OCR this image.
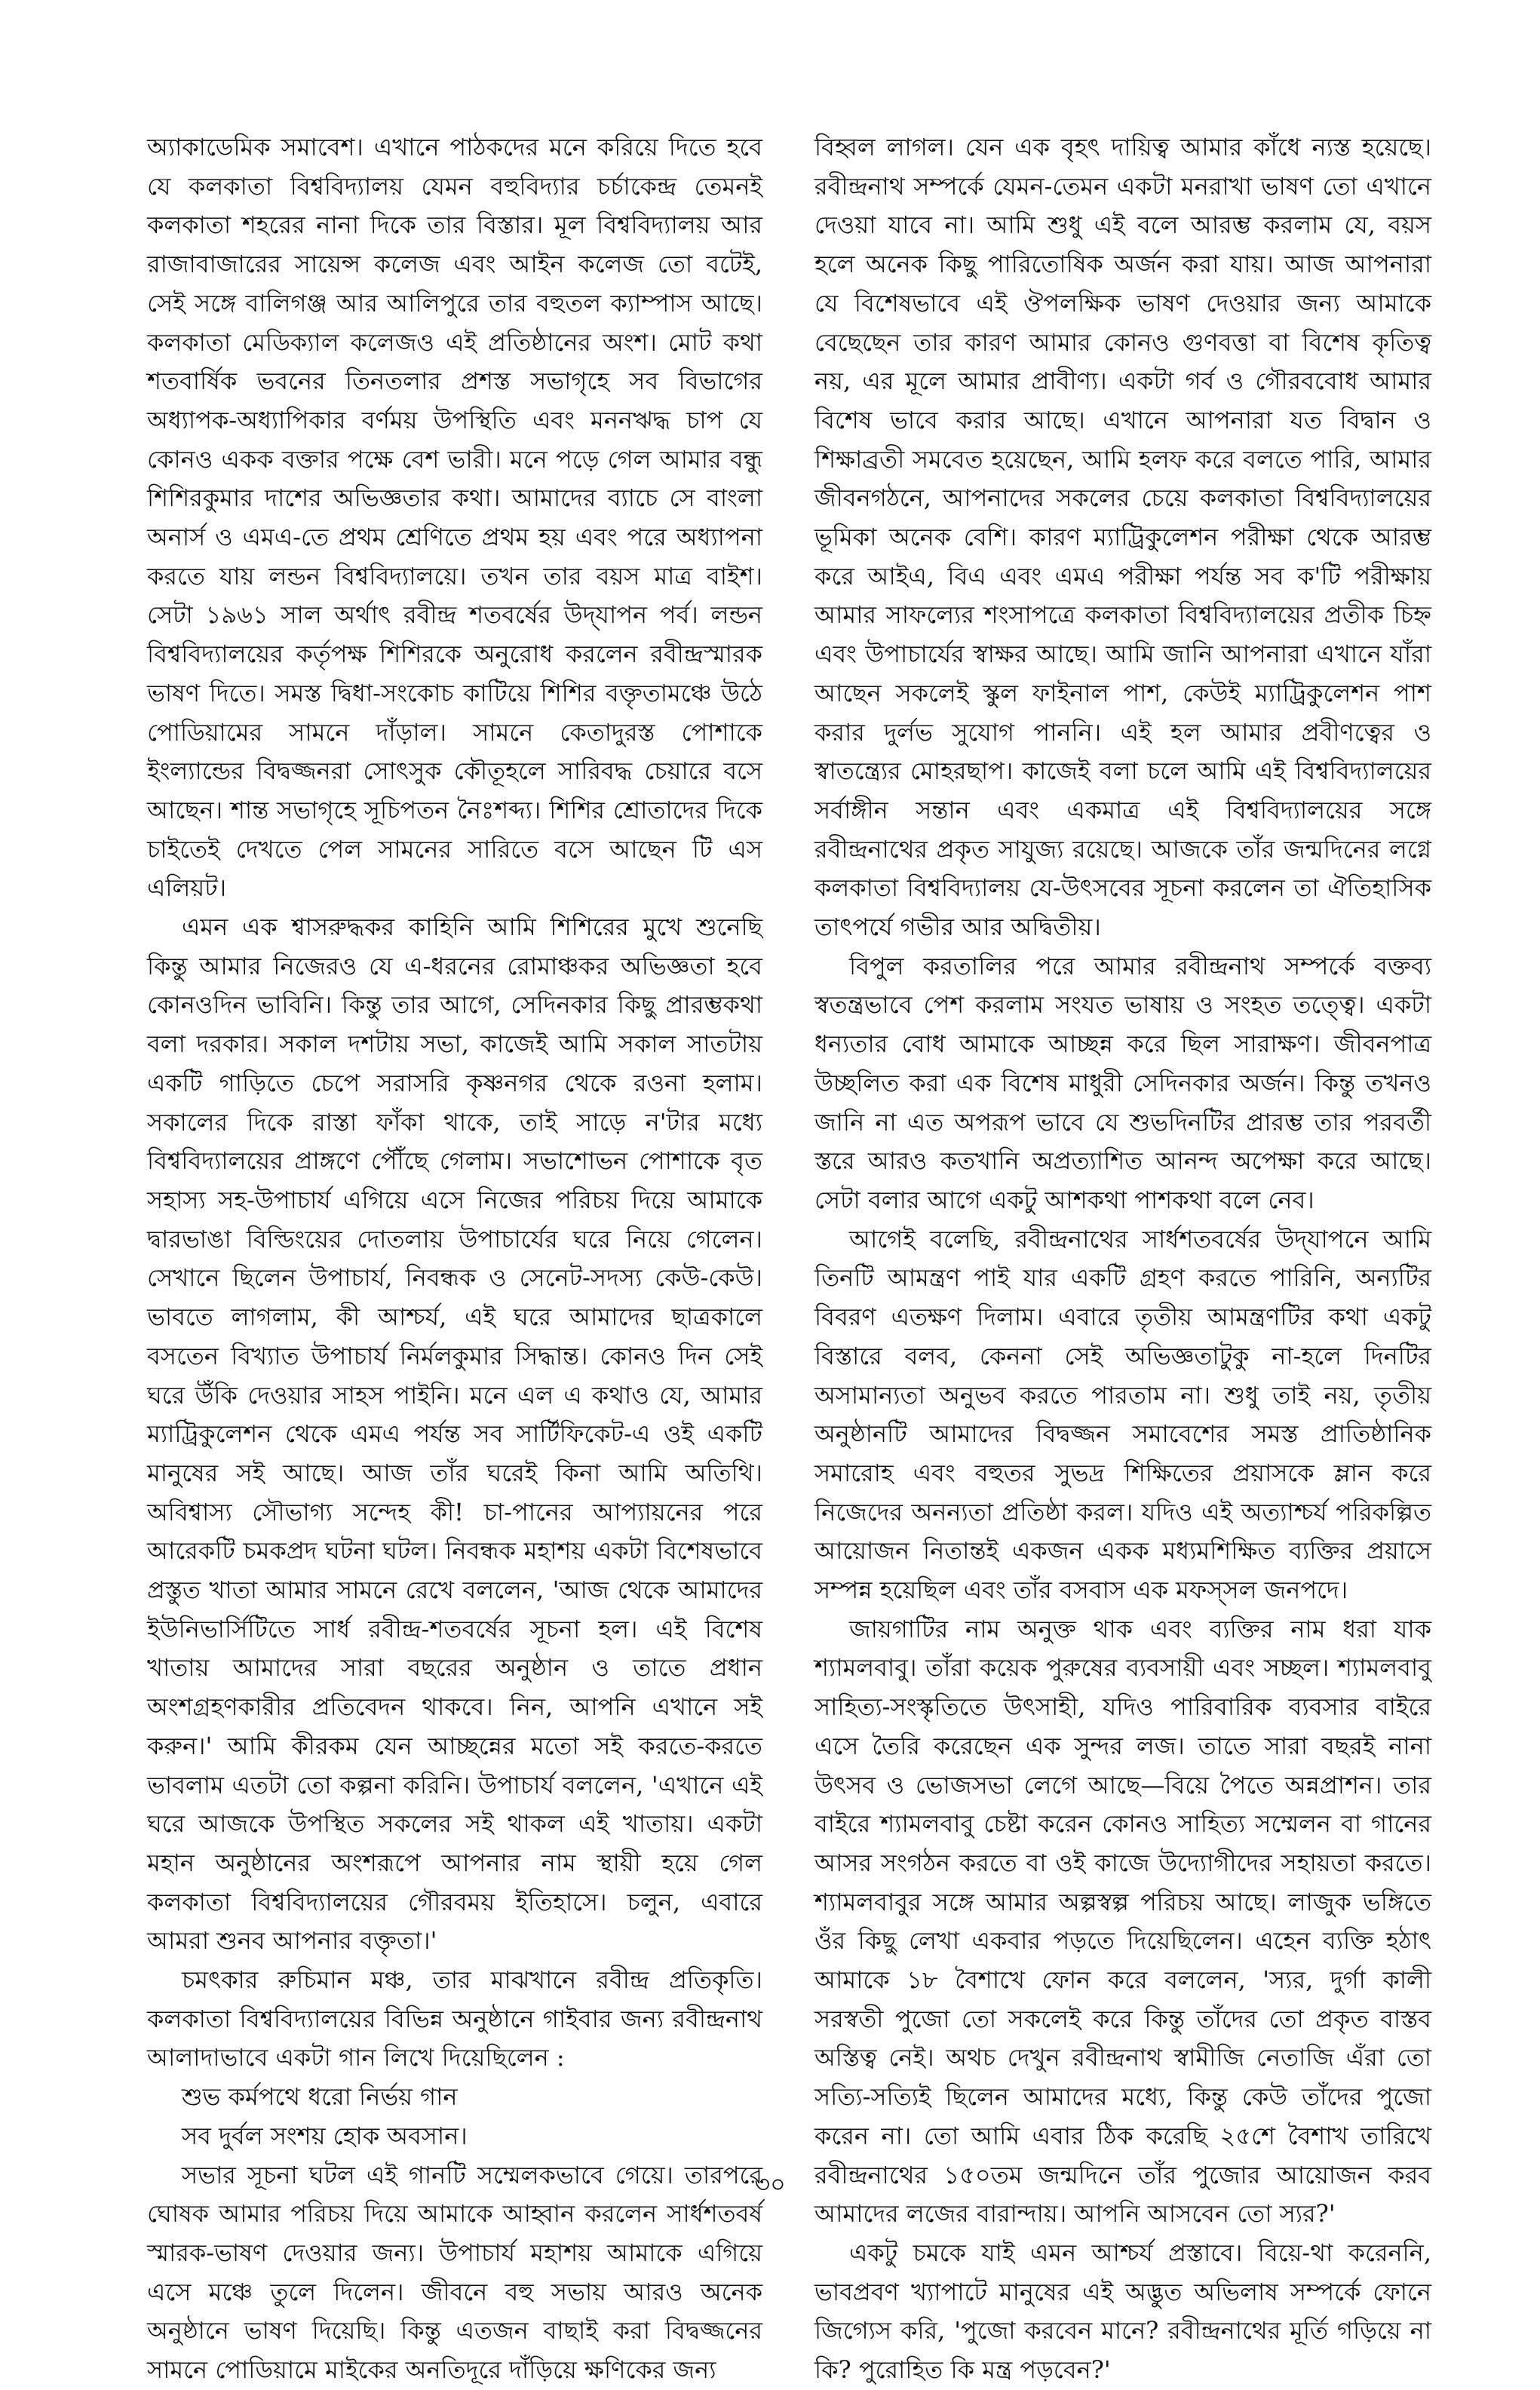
অ্যাকাডেমিক সমাবেশ। এখানে পাঠকদের মনে করিয়ে দিতে হবে যে কলকাতা বিশ্ববিদ্যালয় যেমন বহুবিদ্যার চর্চাকেন্দ্র তেমনই কলকাতা শহরের নানা দিকে তার বিস্তার। মূল বিশ্ববিদ্যালয় আর রাজাবাজারের সায়েন্স কলেজ এবং আইন কলেজ তো বটেই, সেই সঙ্গে বালিগঞ্জ আর আলিপুরে তার বহুতল ক্যাম্পাস আছে। কলকাতা মেডিক্যাল কলেজও এই প্রতিষ্ঠানের অংশ। মোট কথা শতবার্ষিক ভবনের তিনতলার প্রশস্ত সভাগৃহে সব বিভাগের অধ্যাপক-অধ্যাপিকার বর্ণময় উপস্থিতি এবং মননঋদ্ধ চাপ যে কোনও একক বক্তার পক্ষে বেশ ভারী। মনে পড়ে গেল আমার বন্ধু শিশিরকুমার দাশের অভিজ্ঞতার কথা। আমাদের ব্যাচে সে বাংলা অনার্স ও এমএ-তে প্রথম শ্রেণিতে প্রথম হয় এবং পরে অধ্যাপনা করতে যায় লন্ডন বিশ্ববিদ্যালয়ে। তখন তার বয়স মাত্র বাইশ। সেটা ১৯৬১ সাল অর্থাৎ রবীন্দ্র শতবর্ষের উদ্‌যাপন পর্ব। লন্ডন বিশ্ববিদ্যালয়ের কর্তৃপক্ষ শিশিরকে অনুরোধ করলেন রবীন্দ্রস্মারক ভাষণ দিতে। সমস্ত দ্বিধা-সংকোচ কাটিয়ে শিশির বক্তৃতামঞ্চে উঠে পোডিয়ামের সামনে দাঁড়াল। সামনে কেতাদুরস্ত পোশাকে ইংল্যান্ডের বিদ্বজ্জনরা সোৎসুক কৌতূহলে সারিবদ্ধ চেয়ারে বসে আছেন। শান্ত সভাগৃহে সূচিপতন নৈঃশব্দ্য। শিশির শ্রোতাদের দিকে চাইতেই দেখতে পেল সামনের সারিতে বসে আছেন টি এস এলিয়ট।

এমন এক শ্বাসরুদ্ধকর কাহিনি আমি শিশিরের মুখে শুনেছি কিন্তু আমার নিজেরও যে এ-ধরনের রোমাঞ্চকর অভিজ্ঞতা হবে কোনওদিন ভাবিনি। কিন্তু তার আগে, সেদিনকার কিছু প্রারম্ভকথা বলা দরকার। সকাল দশটায় সভা, কাজেই আমি সকাল সাতটায় একটি গাড়িতে চেপে সরাসরি কৃষ্ণনগর থেকে রওনা হলাম। সকালের দিকে রাস্তা ফাঁকা থাকে, তাই সাড়ে ন'টার মধ্যে বিশ্ববিদ্যালয়ের প্রাঙ্গণে পৌঁছে গেলাম। সভাশোভন পোশাকে বৃত সহাস্য সহ-উপাচার্য এগিয়ে এসে নিজের পরিচয় দিয়ে আমাকে দ্বারভাঙা বিল্ডিংয়ের দোতলায় উপাচার্যের ঘরে নিয়ে গেলেন। সেখানে ছিলেন উপাচার্য, নিবন্ধক ও সেনেট-সদস্য কেউ-কেউ। ভাবতে লাগলাম, কী আশ্চর্য, এই ঘরে আমাদের ছাত্রকালে বসতেন বিখ্যাত উপাচার্য নির্মলকুমার সিদ্ধান্ত। কোনও দিন সেই ঘরে উঁকি দেওয়ার সাহস পাইনি। মনে এল এ কথাও যে, আমার ম্যাট্রিকুলেশন থেকে এমএ পর্যন্ত সব সার্টিফিকেট-এ ওই একটি মানুষের সই আছে। আজ তাঁর ঘরেই কিনা আমি অতিথি। অবিশ্বাস্য সৌভাগ্য সন্দেহ কী! চা-পানের আপ্যায়নের পরে আরেকটি চমকপ্রদ ঘটনা ঘটল। নিবন্ধক মহাশয় একটা বিশেষভাবে প্রস্তুত খাতা আমার সামনে রেখে বললেন, 'আজ থেকে আমাদের ইউনিভার্সিটিতে সার্ধ রবীন্দ্র-শতবর্ষের সূচনা হল। এই বিশেষ খাতায় আমাদের সারা বছরের অনুষ্ঠান ও তাতে প্রধান অংশগ্রহণকারীর প্রতিবেদন থাকবে। নিন, আপনি এখানে সই করুন।' আমি কীরকম যেন আচ্ছন্নের মতো সই করতে-করতে ভাবলাম এতটা তো কল্পনা করিনি। উপাচার্য বললেন, 'এখানে এই ঘরে আজকে উপস্থিত সকলের সই থাকল এই খাতায়। একটা মহান অনুষ্ঠানের অংশরূপে আপনার নাম স্থায়ী হয়ে গেল কলকাতা বিশ্ববিদ্যালয়ের গৌরবময় ইতিহাসে। চলুন, এবারে আমরা শুনব আপনার বক্তৃতা।'

চমৎকার রুচিমান মঞ্চ, তার মাঝখানে রবীন্দ্র প্রতিকৃতি। কলকাতা বিশ্ববিদ্যালয়ের বিভিন্ন অনুষ্ঠানে গাইবার জন্য রবীন্দ্রনাথ আলাদাভাবে একটা গান লিখে দিয়েছিলেন :

শুভ কর্মপথে ধরো নির্ভয় গান

সব দুর্বল সংশয় হোক অবসান।

সভার সূচনা ঘটল এই গানটি সম্মেলকভাবে গেয়ে। তারপরে ঘোষক আমার পরিচয় দিয়ে আমাকে আহ্বান করলেন সার্ধশতবর্ষ স্মারক-ভাষণ দেওয়ার জন্য। উপাচার্য মহাশয় আমাকে এগিয়ে এসে মঞ্চে তুলে দিলেন। জীবনে বহু সভায় আরও অনেক অনুষ্ঠানে ভাষণ দিয়েছি। কিন্তু এতজন বাছাই করা বিদ্বজ্জনের সামনে পোডিয়ামে মাইকের অনতিদূরে দাঁড়িয়ে ক্ষণিকের জন্য

বিহ্বল লাগল। যেন এক বৃহৎ দায়িত্ব আমার কাঁধে ন্যস্ত হয়েছে। রবীন্দ্রনাথ সম্পর্কে যেমন-তেমন একটা মনরাখা ভাষণ তো এখানে দেওয়া যাবে না। আমি শুধু এই বলে আরম্ভ করলাম যে, বয়স হলে অনেক কিছু পারিতোষিক অর্জন করা যায়। আজ আপনারা যে বিশেষভাবে এই ঔপলক্ষিক ভাষণ দেওয়ার জন্য আমাকে বেছেছেন তার কারণ আমার কোনও গুণবত্তা বা বিশেষ কৃতিত্ব নয়, এর মূলে আমার প্রাবীণ্য। একটা গর্ব ও গৌরববোধ আমার বিশেষ ভাবে করার আছে। এখানে আপনারা যত বিদ্বান ও শিক্ষাব্রতী সমবেত হয়েছেন, আমি হলফ করে বলতে পারি, আমার জীবনগঠনে, আপনাদের সকলের চেয়ে কলকাতা বিশ্ববিদ্যালয়ের ভূমিকা অনেক বেশি। কারণ ম্যাট্রিকুলেশন পরীক্ষা থেকে আরম্ভ করে আইএ, বিএ এবং এমএ পরীক্ষা পর্যন্ত সব ক'টি পরীক্ষায় আমার সাফল্যের শংসাপত্রে কলকাতা বিশ্ববিদ্যালয়ের প্রতীক চিহ্ন এবং উপাচার্যের স্বাক্ষর আছে। আমি জানি আপনারা এখানে যাঁরা আছেন সকলেই স্কুল ফাইনাল পাশ, কেউই ম্যাট্রিকুলেশন পাশ করার দুর্লভ সুযোগ পাননি। এই হল আমার প্রবীণত্বের ও স্বাতন্ত্র্যের মোহরছাপ। কাজেই বলা চলে আমি এই বিশ্ববিদ্যালয়ের সর্বাঙ্গীন সন্তান এবং একমাত্র এই বিশ্ববিদ্যালয়ের সঙ্গে রবীন্দ্রনাথের প্রকৃত সাযুজ্য রয়েছে। আজকে তাঁর জন্মদিনের লগ্নে কলকাতা বিশ্ববিদ্যালয় যে-উৎসবের সূচনা করলেন তা ঐতিহাসিক তাৎপর্যে গভীর আর অদ্বিতীয়।

বিপুল করতালির পরে আমার রবীন্দ্রনাথ সম্পর্কে বক্তব্য স্বতন্ত্রভাবে পেশ করলাম সংযত ভাষায় ও সংহত তত্ত্বে। একটা ধন্যতার বোধ আমাকে আচ্ছন্ন করে ছিল সারাক্ষণ। জীবনপাত্র উচ্ছলিত করা এক বিশেষ মাধুরী সেদিনকার অর্জন। কিন্তু তখনও জানি না এত অপরূপ ভাবে যে শুভদিনটির প্রারম্ভ তার পরবর্তী স্তরে আরও কতখানি অপ্রত্যাশিত আনন্দ অপেক্ষা করে আছে। সেটা বলার আগে একটু আশকথা পাশকথা বলে নেব।

আগেই বলেছি, রবীন্দ্রনাথের সার্ধশতবর্ষের উদ্‌যাপনে আমি তিনটি আমন্ত্রণ পাই যার একটি গ্রহণ করতে পারিনি, অন্যটির বিবরণ এতক্ষণ দিলাম। এবারে তৃতীয় আমন্ত্রণটির কথা একটু বিস্তারে বলব, কেননা সেই অভিজ্ঞতাটুকু না-হলে দিনটির অসামান্যতা অনুভব করতে পারতাম না। শুধু তাই নয়, তৃতীয় অনুষ্ঠানটি আমাদের বিদ্বজ্জন সমাবেশের সমস্ত প্রাতিষ্ঠানিক সমারোহ এবং বহুতর সুভদ্র শিক্ষিতের প্রয়াসকে ম্লান করে নিজেদের অনন্যতা প্রতিষ্ঠা করল। যদিও এই অত্যাশ্চর্য পরিকল্পিত আয়োজন নিতান্তই একজন একক মধ্যমশিক্ষিত ব্যক্তির প্রয়াসে সম্পন্ন হয়েছিল এবং তাঁর বসবাস এক মফস্সল জনপদে।

জায়গাটির নাম অনুক্ত থাক এবং ব্যক্তির নাম ধরা যাক শ্যামলবাবু। তাঁরা কয়েক পুরুষের ব্যবসায়ী এবং সচ্ছল। শ্যামলবাবু সাহিত্য-সংস্কৃতিতে উৎসাহী, যদিও পারিবারিক ব্যবসার বাইরে এসে তৈরি করেছেন এক সুন্দর লজ। তাতে সারা বছরই নানা উৎসব ও ভোজসভা লেগে আছে—বিয়ে পৈতে অন্নপ্রাশন। তার বাইরে শ্যামলবাবু চেষ্টা করেন কোনও সাহিত্য সম্মেলন বা গানের আসর সংগঠন করতে বা ওই কাজে উদ্যোগীদের সহায়তা করতে। শ্যামলবাবুর সঙ্গে আমার অল্পস্বল্প পরিচয় আছে। লাজুক ভঙ্গিতে ওঁর কিছু লেখা একবার পড়তে দিয়েছিলেন। এহেন ব্যক্তি হঠাৎ আমাকে ১৮ বৈশাখে ফোন করে বললেন, 'স্যর, দুর্গা কালী সরস্বতী পুজো তো সকলেই করে কিন্তু তাঁদের তো প্রকৃত বাস্তব অস্তিত্ব নেই। অথচ দেখুন রবীন্দ্রনাথ স্বামীজি নেতাজি এঁরা তো সত্যি-সত্যিই ছিলেন আমাদের মধ্যে, কিন্তু কেউ তাঁদের পুজো করেন না। তো আমি এবার ঠিক করেছি ২৫শে বৈশাখ তারিখে রবীন্দ্রনাথের ১৫০তম জন্মদিনে তাঁর পুজোর আয়োজন করব আমাদের লজের বারান্দায়। আপনি আসবেন তো স্যর?'

একটু চমকে যাই এমন আশ্চর্য প্রস্তাবে। বিয়ে-থা করেননি, ভাবপ্রবণ খ্যাপাটে মানুষের এই অদ্ভুত অভিলাষ সম্পর্কে ফোনে জিগ্যেস করি, 'পুজো করবেন মানে? রবীন্দ্রনাথের মূর্তি গড়িয়ে না কি? পুরোহিত কি মন্ত্র পড়বেন?'

৩০
